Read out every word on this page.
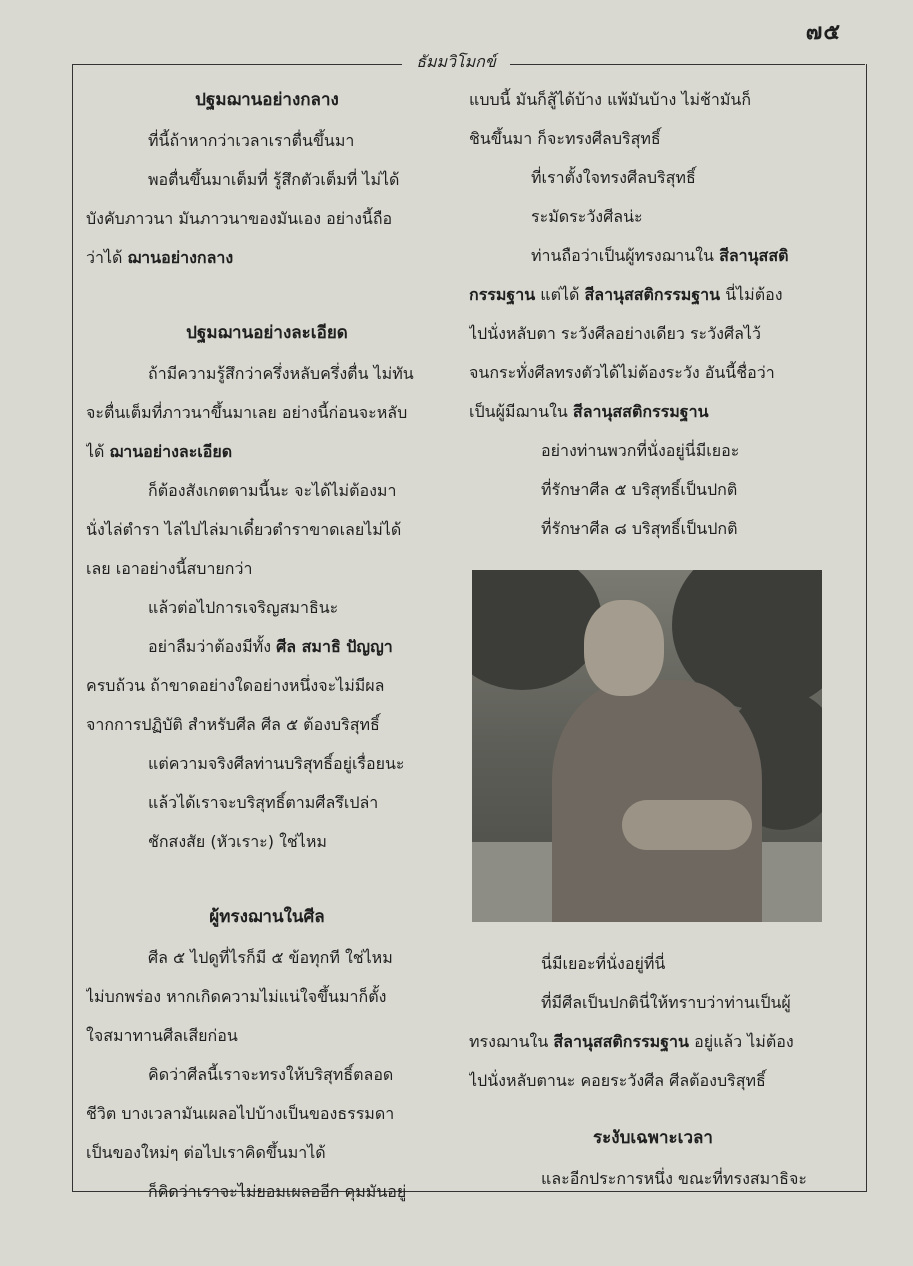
๗๕
ธัมมวิโมกข์
ปฐมฌานอย่างกลาง
ที่นี้ถ้าหากว่าเวลาเราตื่นขึ้นมา
พอตื่นขึ้นมาเต็มที่ รู้สึกตัวเต็มที่ ไม่ได้
บังคับภาวนา มันภาวนาของมันเอง อย่างนี้ถือ
ว่าได้ ฌานอย่างกลาง
ปฐมฌานอย่างละเอียด
ถ้ามีความรู้สึกว่าครึ่งหลับครึ่งตื่น ไม่ทัน
จะตื่นเต็มที่ภาวนาขึ้นมาเลย อย่างนี้ก่อนจะหลับ
ได้ ฌานอย่างละเอียด
ก็ต้องสังเกตตามนี้นะ จะได้ไม่ต้องมา
นั่งไล่ตำรา ไล่ไปไล่มาเดี๋ยวตำราขาดเลยไม่ได้
เลย เอาอย่างนี้สบายกว่า
แล้วต่อไปการเจริญสมาธินะ
อย่าลืมว่าต้องมีทั้ง ศีล สมาธิ ปัญญา
ครบถ้วน ถ้าขาดอย่างใดอย่างหนึ่งจะไม่มีผล
จากการปฏิบัติ สำหรับศีล ศีล ๕ ต้องบริสุทธิ์
แต่ความจริงศีลท่านบริสุทธิ์อยู่เรื่อยนะ
แล้วได้เราจะบริสุทธิ์ตามศีลรึเปล่า
ชักสงสัย (หัวเราะ) ใช่ไหม
ผู้ทรงฌานในศีล
ศีล ๕ ไปดูที่ไรก็มี ๕ ข้อทุกที ใช่ไหม
ไม่บกพร่อง หากเกิดความไม่แน่ใจขึ้นมาก็ตั้ง
ใจสมาทานศีลเสียก่อน
คิดว่าศีลนี้เราจะทรงให้บริสุทธิ์ตลอด
ชีวิต บางเวลามันเผลอไปบ้างเป็นของธรรมดา
เป็นของใหม่ๆ ต่อไปเราคิดขึ้นมาได้
ก็คิดว่าเราจะไม่ยอมเผลออีก คุมมันอยู่
แบบนี้ มันก็สู้ได้บ้าง แพ้มันบ้าง ไม่ช้ามันก็
ชินขึ้นมา ก็จะทรงศีลบริสุทธิ์
ที่เราตั้งใจทรงศีลบริสุทธิ์
ระมัดระวังศีลน่ะ
ท่านถือว่าเป็นผู้ทรงฌานใน สีลานุสสติ
กรรมฐาน แต่ได้ สีลานุสสติกรรมฐาน นี่ไม่ต้อง
ไปนั่งหลับตา ระวังศีลอย่างเดียว ระวังศีลไว้
จนกระทั่งศีลทรงตัวได้ไม่ต้องระวัง อันนี้ชื่อว่า
เป็นผู้มีฌานใน สีลานุสสติกรรมฐาน
อย่างท่านพวกที่นั่งอยู่นี่มีเยอะ
ที่รักษาศีล ๕ บริสุทธิ์เป็นปกติ
ที่รักษาศีล ๘ บริสุทธิ์เป็นปกติ
นี่มีเยอะที่นั่งอยู่ที่นี่
ที่มีศีลเป็นปกตินี่ให้ทราบว่าท่านเป็นผู้
ทรงฌานใน สีลานุสสติกรรมฐาน อยู่แล้ว ไม่ต้อง
ไปนั่งหลับตานะ คอยระวังศีล ศีลต้องบริสุทธิ์
ระงับเฉพาะเวลา
และอีกประการหนึ่ง ขณะที่ทรงสมาธิจะ
